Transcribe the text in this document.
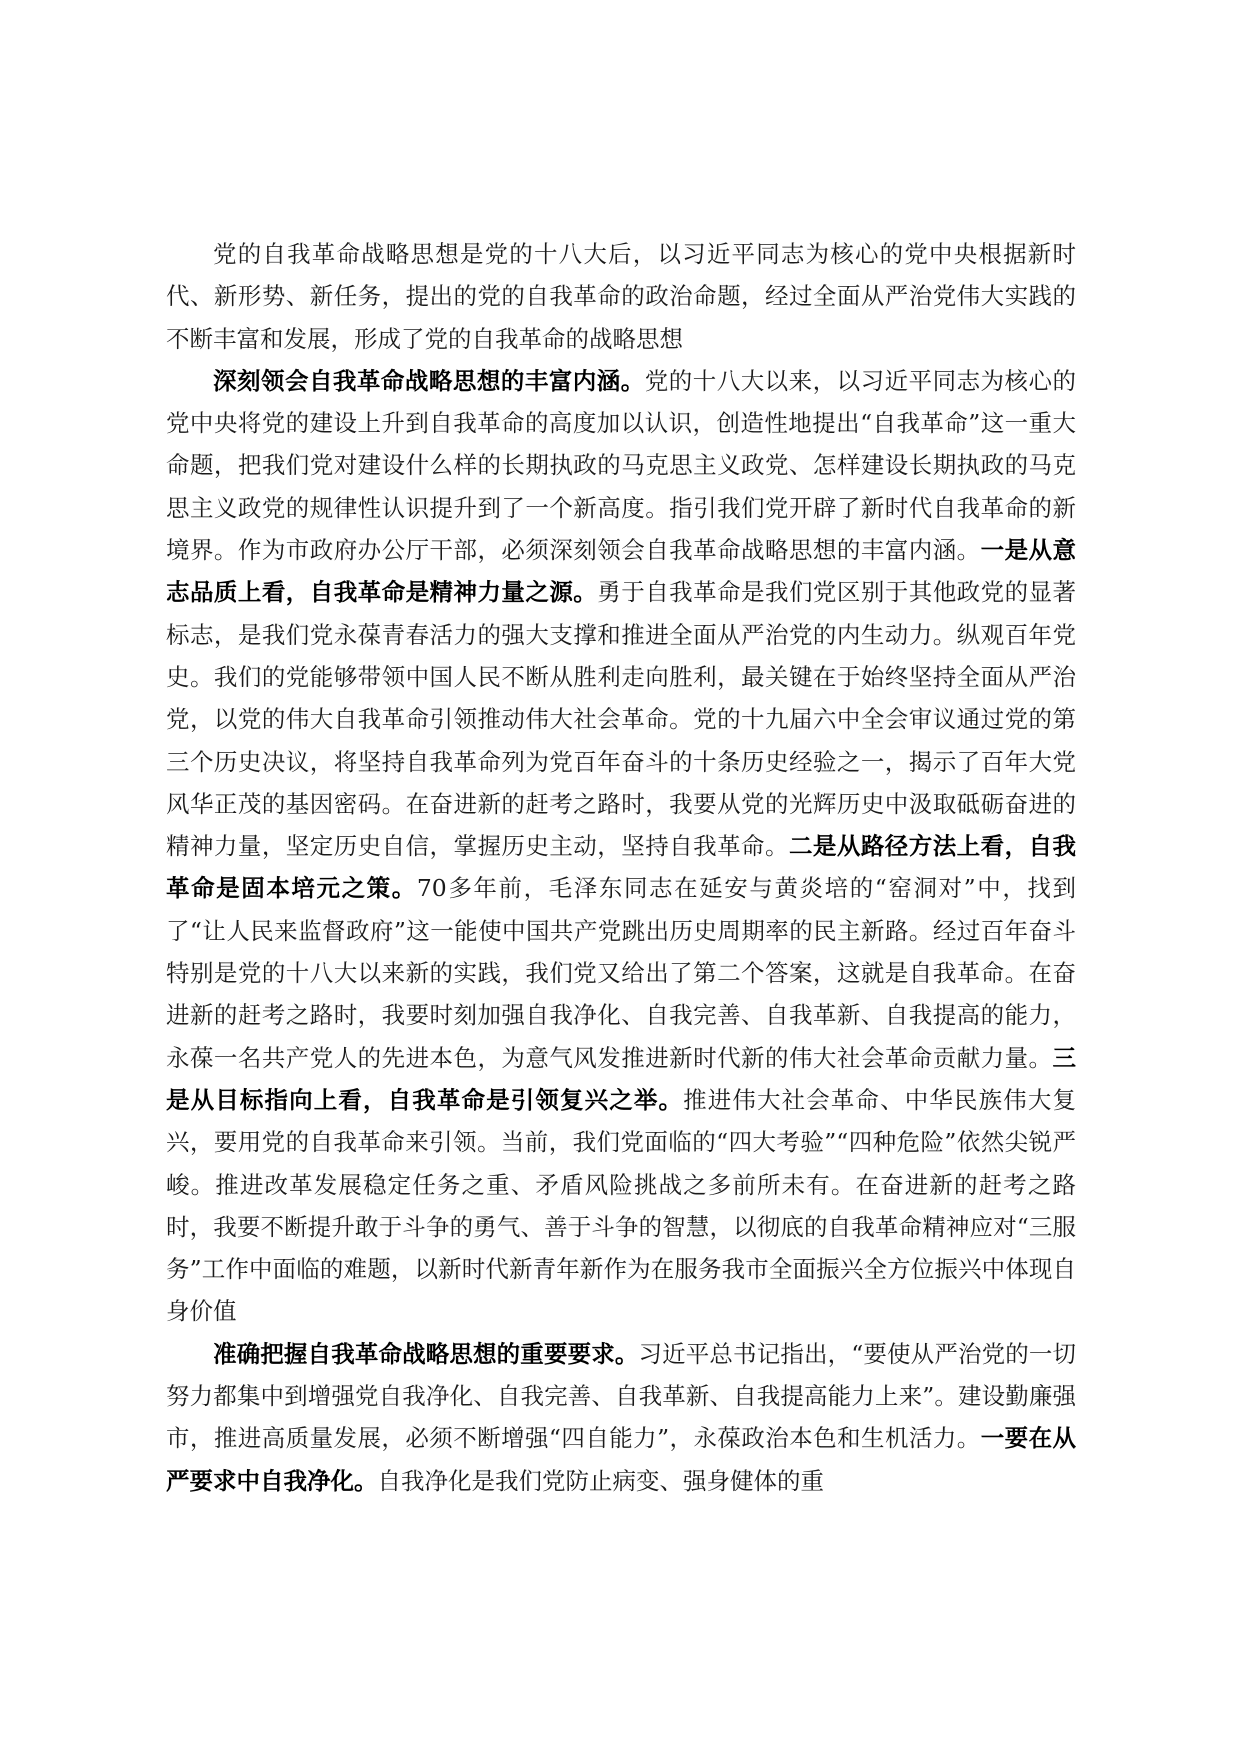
党的自我革命战略思想是党的十八大后，以习近平同志为核心的党中央根据新时代、新形势、新任务，提出的党的自我革命的政治命题，经过全面从严治党伟大实践的不断丰富和发展，形成了党的自我革命的战略思想

深刻领会自我革命战略思想的丰富内涵。党的十八大以来，以习近平同志为核心的党中央将党的建设上升到自我革命的高度加以认识，创造性地提出“自我革命”这一重大命题，把我们党对建设什么样的长期执政的马克思主义政党、怎样建设长期执政的马克思主义政党的规律性认识提升到了一个新高度。指引我们党开辟了新时代自我革命的新境界。作为市政府办公厅干部，必须深刻领会自我革命战略思想的丰富内涵。一是从意志品质上看，自我革命是精神力量之源。勇于自我革命是我们党区别于其他政党的显著标志，是我们党永葆青春活力的强大支撑和推进全面从严治党的内生动力。纵观百年党史。我们的党能够带领中国人民不断从胜利走向胜利，最关键在于始终坚持全面从严治党，以党的伟大自我革命引领推动伟大社会革命。党的十九届六中全会审议通过党的第三个历史决议，将坚持自我革命列为党百年奋斗的十条历史经验之一，揭示了百年大党风华正茂的基因密码。在奋进新的赶考之路时，我要从党的光辉历史中汲取砥砺奋进的精神力量，坚定历史自信，掌握历史主动，坚持自我革命。二是从路径方法上看，自我革命是固本培元之策。70多年前，毛泽东同志在延安与黄炎培的“窑洞对”中，找到了“让人民来监督政府”这一能使中国共产党跳出历史周期率的民主新路。经过百年奋斗特别是党的十八大以来新的实践，我们党又给出了第二个答案，这就是自我革命。在奋进新的赶考之路时，我要时刻加强自我净化、自我完善、自我革新、自我提高的能力，永葆一名共产党人的先进本色，为意气风发推进新时代新的伟大社会革命贡献力量。三是从目标指向上看，自我革命是引领复兴之举。推进伟大社会革命、中华民族伟大复兴，要用党的自我革命来引领。当前，我们党面临的“四大考验”“四种危险”依然尖锐严峻。推进改革发展稳定任务之重、矛盾风险挑战之多前所未有。在奋进新的赶考之路时，我要不断提升敢于斗争的勇气、善于斗争的智慧，以彻底的自我革命精神应对“三服务”工作中面临的难题，以新时代新青年新作为在服务我市全面振兴全方位振兴中体现自身价值

准确把握自我革命战略思想的重要要求。习近平总书记指出，“要使从严治党的一切努力都集中到增强党自我净化、自我完善、自我革新、自我提高能力上来”。建设勤廉强市，推进高质量发展，必须不断增强“四自能力”，永葆政治本色和生机活力。一要在从严要求中自我净化。自我净化是我们党防止病变、强身健体的重
